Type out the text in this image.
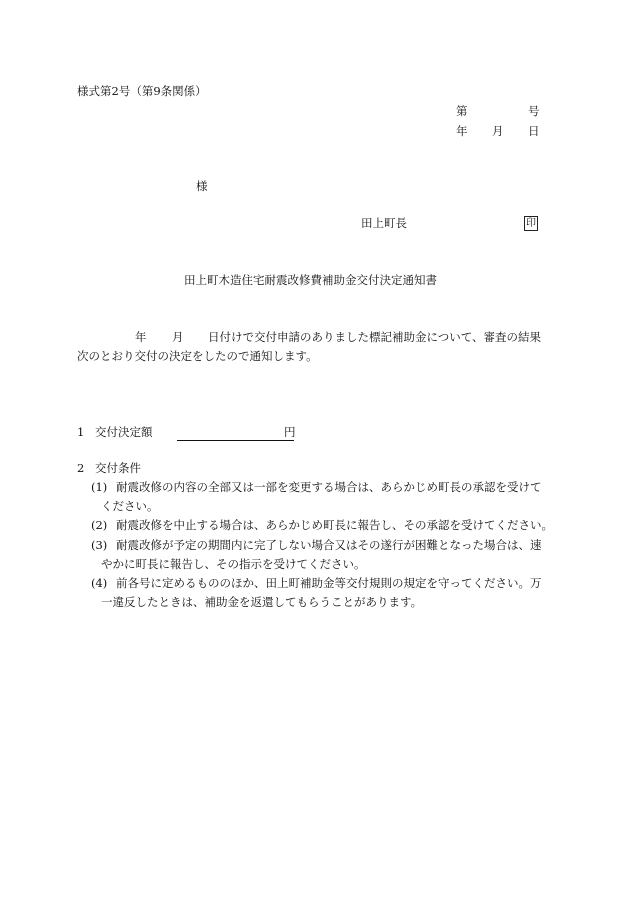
様式第2号（第9条関係）
第	号
年 月 日
様
田上町長	印
田上町木造住宅耐震改修費補助金交付決定通知書
年 月 日付けで交付申請のありました標記補助金について、審査の結果
次のとおり交付の決定をしたので通知します。
1 交付決定額	円
2 交付条件
(1) 耐震改修の内容の全部又は一部を変更する場合は、あらかじめ町長の承認を受けて
ください。
(2) 耐震改修を中止する場合は、あらかじめ町長に報告し、その承認を受けてください。
(3) 耐震改修が予定の期間内に完了しない場合又はその遂行が困難となった場合は、速
やかに町長に報告し、その指示を受けてください。
(4) 前各号に定めるもののほか、田上町補助金等交付規則の規定を守ってください。万
一違反したときは、補助金を返還してもらうことがあります。
